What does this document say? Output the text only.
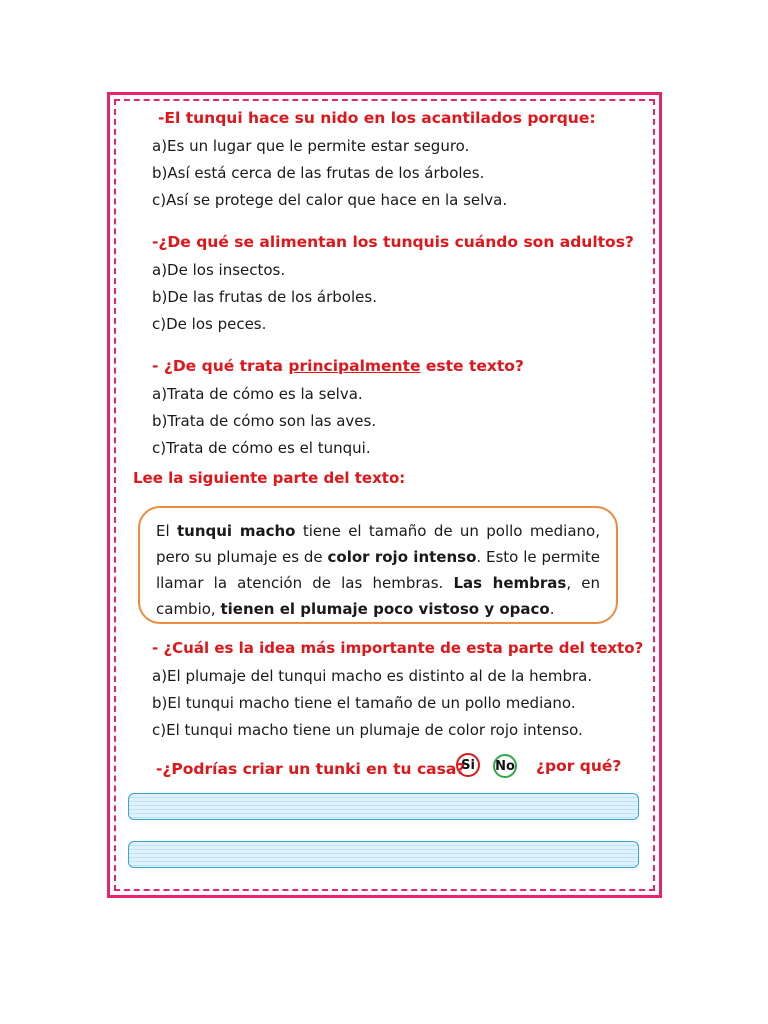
-El tunqui hace su nido en los acantilados porque:
a)Es un lugar que le permite estar seguro.
b)Así está cerca de las frutas de los árboles.
c)Así se protege del calor que hace en la selva.
-¿De qué se alimentan los tunquis cuándo son adultos?
a)De los insectos.
b)De las frutas de los árboles.
c)De los peces.
- ¿De qué trata principalmente este texto?
a)Trata de cómo es la selva.
b)Trata de cómo son las aves.
c)Trata de cómo es el tunqui.
Lee la siguiente parte del texto:
El tunqui macho tiene el tamaño de un pollo mediano, pero su plumaje es de color rojo intenso. Esto le permite llamar la atención de las hembras. Las hembras, en cambio, tienen el plumaje poco vistoso y opaco.
- ¿Cuál es la idea más importante de esta parte del texto?
a)El plumaje del tunqui macho es distinto al de la hembra.
b)El tunqui macho tiene el tamaño de un pollo mediano.
c)El tunqui macho tiene un plumaje de color rojo intenso.
-¿Podrías criar un tunki en tu casa?
Si	No ¿por qué?
